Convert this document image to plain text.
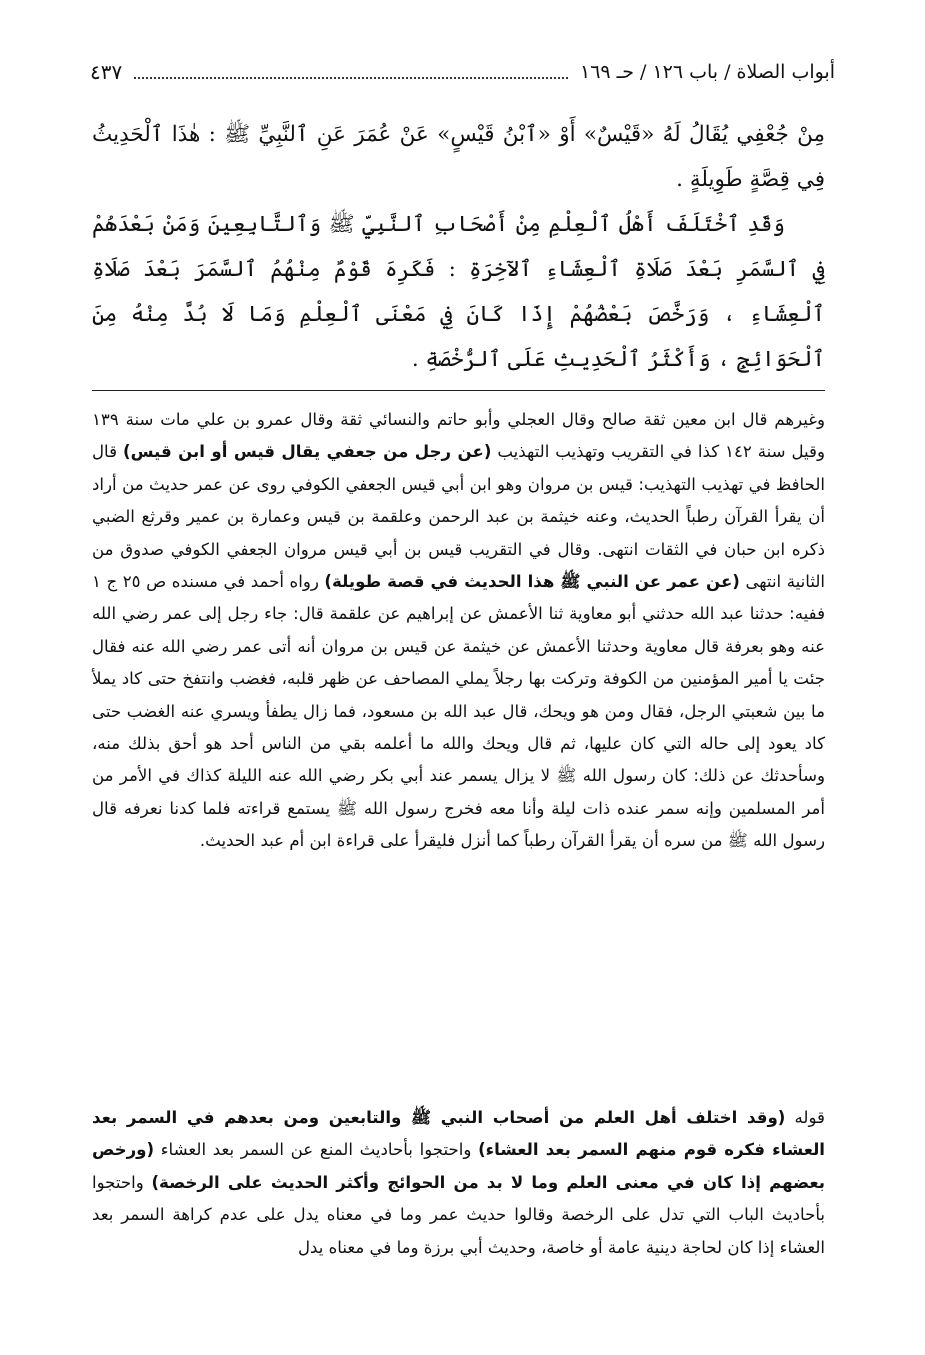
أبواب الصلاة / باب ١٢٦ / حـ ١٦٩
٤٣٧

مِنْ جُعْفِي يُقَالُ لَهُ «قَيْسٌ» أَوْ «ٱبْنُ قَيْسٍ» عَنْ عُمَرَ عَنِ ٱلنَّبِيِّ ﷺ : هٰذَا ٱلْحَدِيثُ فِي قِصَّةٍ طَوِيلَةٍ .

وَقَدِ ٱخْتَلَفَ أَهْلُ ٱلْعِلْمِ مِنْ أَصْحَابِ ٱلنَّبِيِّ ﷺ وَٱلتَّابِعِينَ وَمَنْ بَعْدَهُمْ فِي ٱلسَّمَرِ بَعْدَ صَلَاةِ ٱلْعِشَاءِ ٱلآخِرَةِ : فَكَرِهَ قَوْمٌ مِنْهُمُ ٱلسَّمَرَ بَعْدَ صَلَاةِ ٱلْعِشَاءِ ، وَرَخَّصَ بَعْضُهُمْ إِذَا كَانَ فِي مَعْنَى ٱلْعِلْمِ وَمَا لَا بُدَّ مِنْهُ مِنَ ٱلْحَوَائِجِ ، وَأَكْثَرُ ٱلْحَدِيثِ عَلَى ٱلرُّخْصَةِ .

وغيرهم قال ابن معين ثقة صالح وقال العجلي وأبو حاتم والنسائي ثقة وقال عمرو بن علي مات سنة ١٣٩ وقيل سنة ١٤٢ كذا في التقريب وتهذيب التهذيب (عن رجل من جعفي يقال قيس أو ابن قيس) قال الحافظ في تهذيب التهذيب: قيس بن مروان وهو ابن أبي قيس الجعفي الكوفي روى عن عمر حديث من أراد أن يقرأ القرآن رطباً الحديث، وعنه خيثمة بن عبد الرحمن وعلقمة بن قيس وعمارة بن عمير وقرثع الضبي ذكره ابن حبان في الثقات انتهى. وقال في التقريب قيس بن أبي قيس مروان الجعفي الكوفي صدوق من الثانية انتهى (عن عمر عن النبي ﷺ هذا الحديث في قصة طويلة) رواه أحمد في مسنده ص ٢٥ ج ١ ففيه: حدثنا عبد الله حدثني أبو معاوية ثنا الأعمش عن إبراهيم عن علقمة قال: جاء رجل إلى عمر رضي الله عنه وهو بعرفة قال معاوية وحدثنا الأعمش عن خيثمة عن قيس بن مروان أنه أتى عمر رضي الله عنه فقال جئت يا أمير المؤمنين من الكوفة وتركت بها رجلاً يملي المصاحف عن ظهر قلبه، فغضب وانتفخ حتى كاد يملأ ما بين شعبتي الرجل، فقال ومن هو ويحك، قال عبد الله بن مسعود، فما زال يطفأ ويسري عنه الغضب حتى كاد يعود إلى حاله التي كان عليها، ثم قال ويحك والله ما أعلمه بقي من الناس أحد هو أحق بذلك منه، وسأحدثك عن ذلك: كان رسول الله ﷺ لا يزال يسمر عند أبي بكر رضي الله عنه الليلة كذاك في الأمر من أمر المسلمين وإنه سمر عنده ذات ليلة وأنا معه فخرج رسول الله ﷺ يستمع قراءته فلما كدنا نعرفه قال رسول الله ﷺ من سره أن يقرأ القرآن رطباً كما أنزل فليقرأ على قراءة ابن أم عبد الحديث.

قوله (وقد اختلف أهل العلم من أصحاب النبي ﷺ والتابعين ومن بعدهم في السمر بعد العشاء فكره قوم منهم السمر بعد العشاء) واحتجوا بأحاديث المنع عن السمر بعد العشاء (ورخص بعضهم إذا كان في معنى العلم وما لا بد من الحوائج وأكثر الحديث على الرخصة) واحتجوا بأحاديث الباب التي تدل على الرخصة وقالوا حديث عمر وما في معناه يدل على عدم كراهة السمر بعد العشاء إذا كان لحاجة دينية عامة أو خاصة، وحديث أبي برزة وما في معناه يدل
